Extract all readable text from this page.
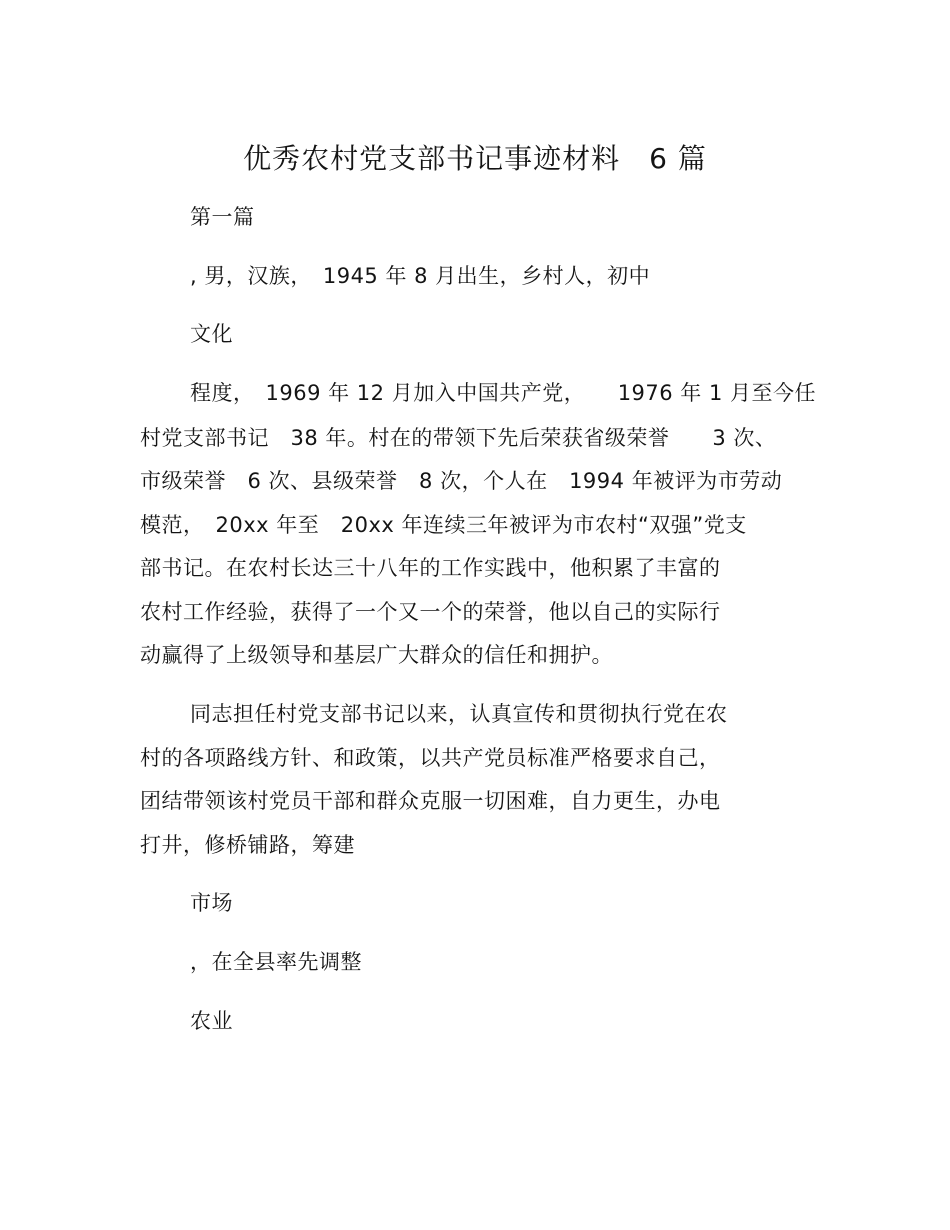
优秀农村党支部书记事迹材料　6 篇
第一篇
, 男，汉族，　1945 年 8 月出生，乡村人，初中
文化
程度，　1969 年 12 月加入中国共产党，　　1976 年 1 月至今任
村党支部书记　38 年。村在的带领下先后荣获省级荣誉　　3 次、
市级荣誉　6 次、县级荣誉　8 次，个人在　1994 年被评为市劳动
模范，　20xx 年至　20xx 年连续三年被评为市农村“双强”党支
部书记。在农村长达三十八年的工作实践中，他积累了丰富的
农村工作经验，获得了一个又一个的荣誉，他以自己的实际行
动赢得了上级领导和基层广大群众的信任和拥护。
同志担任村党支部书记以来，认真宣传和贯彻执行党在农
村的各项路线方针、和政策，以共产党员标准严格要求自己，
团结带领该村党员干部和群众克服一切困难，自力更生，办电
打井，修桥铺路，筹建
市场
，在全县率先调整
农业
